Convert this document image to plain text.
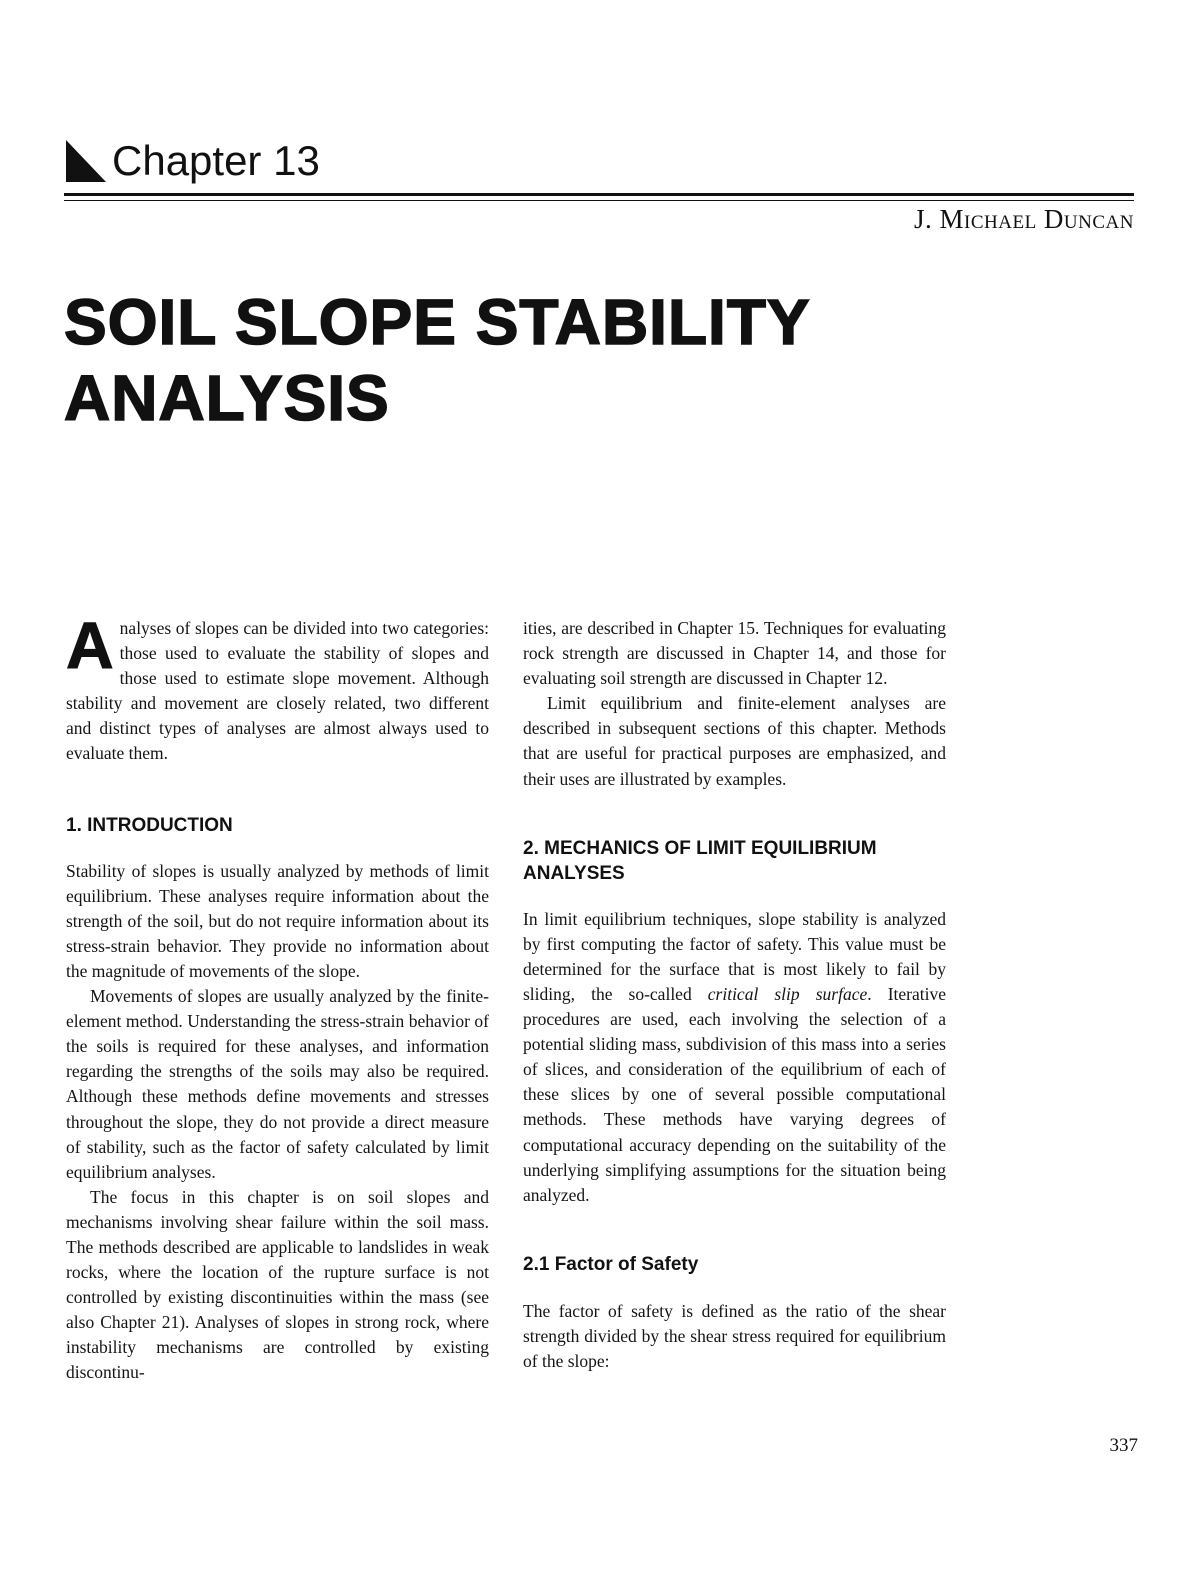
Chapter 13
J. Michael Duncan
SOIL SLOPE STABILITY
ANALYSIS

Analyses of slopes can be divided into two categories: those used to evaluate the stability of slopes and those used to estimate slope movement. Although stability and movement are closely related, two different and distinct types of analyses are almost always used to evaluate them.

1. INTRODUCTION

Stability of slopes is usually analyzed by methods of limit equilibrium. These analyses require information about the strength of the soil, but do not require information about its stress-strain behavior. They provide no information about the magnitude of movements of the slope.

Movements of slopes are usually analyzed by the finite-element method. Understanding the stress-strain behavior of the soils is required for these analyses, and information regarding the strengths of the soils may also be required. Although these methods define movements and stresses throughout the slope, they do not provide a direct measure of stability, such as the factor of safety calculated by limit equilibrium analyses.

The focus in this chapter is on soil slopes and mechanisms involving shear failure within the soil mass. The methods described are applicable to landslides in weak rocks, where the location of the rupture surface is not controlled by existing discontinuities within the mass (see also Chapter 21). Analyses of slopes in strong rock, where instability mechanisms are controlled by existing discontinu-

ities, are described in Chapter 15. Techniques for evaluating rock strength are discussed in Chapter 14, and those for evaluating soil strength are discussed in Chapter 12.

Limit equilibrium and finite-element analyses are described in subsequent sections of this chapter. Methods that are useful for practical purposes are emphasized, and their uses are illustrated by examples.

2. MECHANICS OF LIMIT EQUILIBRIUM
ANALYSES

In limit equilibrium techniques, slope stability is analyzed by first computing the factor of safety. This value must be determined for the surface that is most likely to fail by sliding, the so-called critical slip surface. Iterative procedures are used, each involving the selection of a potential sliding mass, subdivision of this mass into a series of slices, and consideration of the equilibrium of each of these slices by one of several possible computational methods. These methods have varying degrees of computational accuracy depending on the suitability of the underlying simplifying assumptions for the situation being analyzed.

2.1 Factor of Safety

The factor of safety is defined as the ratio of the shear strength divided by the shear stress required for equilibrium of the slope:

337
